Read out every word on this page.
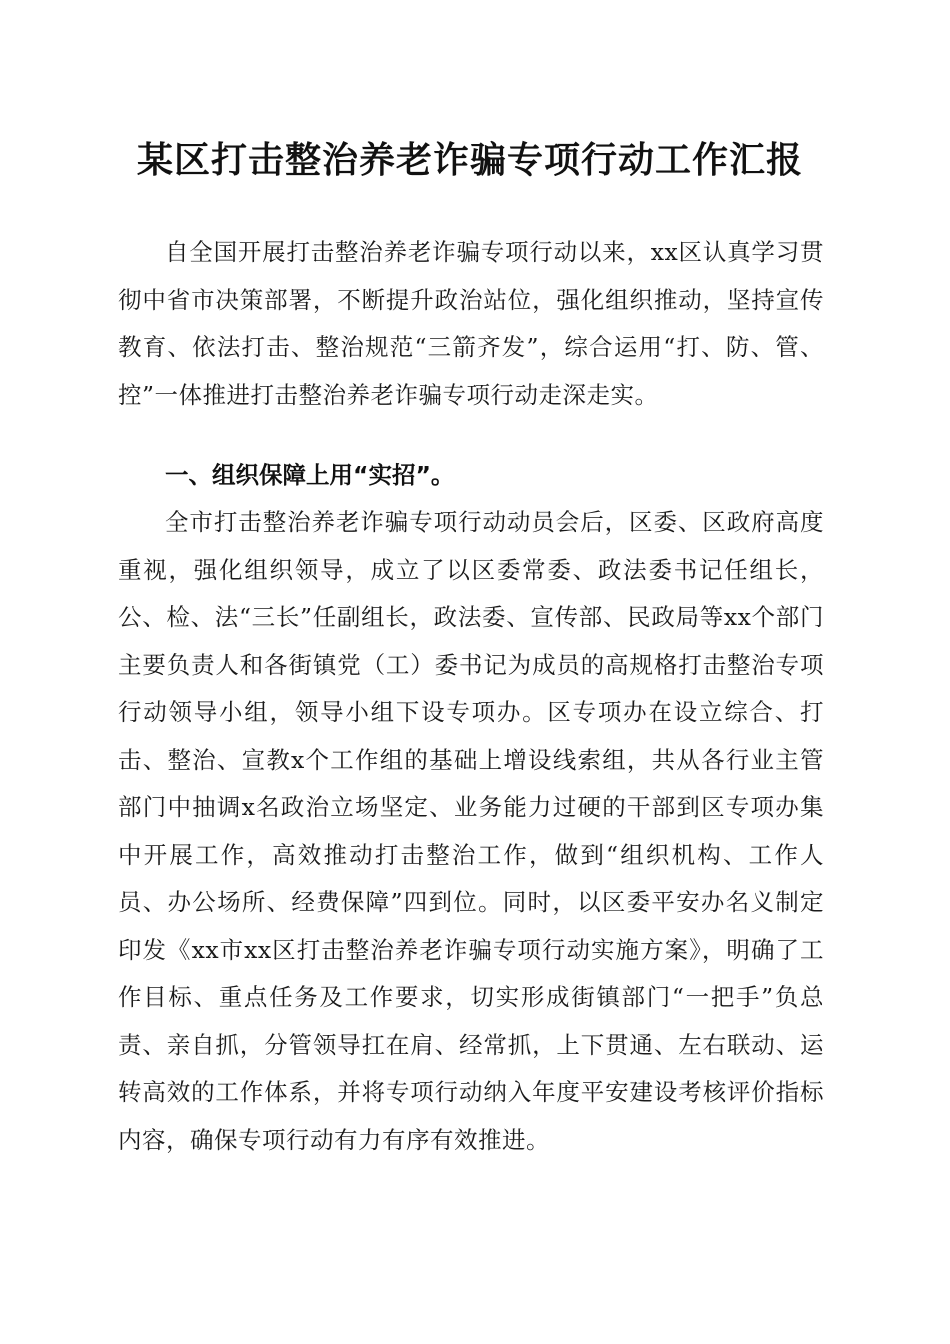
某区打击整治养老诈骗专项行动工作汇报

自全国开展打击整治养老诈骗专项行动以来，xx区认真学习贯彻中省市决策部署，不断提升政治站位，强化组织推动，坚持宣传教育、依法打击、整治规范“三箭齐发”，综合运用“打、防、管、控”一体推进打击整治养老诈骗专项行动走深走实。

一、组织保障上用“实招”。

全市打击整治养老诈骗专项行动动员会后，区委、区政府高度重视，强化组织领导，成立了以区委常委、政法委书记任组长，公、检、法“三长”任副组长，政法委、宣传部、民政局等xx个部门主要负责人和各街镇党（工）委书记为成员的高规格打击整治专项行动领导小组，领导小组下设专项办。区专项办在设立综合、打击、整治、宣教x个工作组的基础上增设线索组，共从各行业主管部门中抽调x名政治立场坚定、业务能力过硬的干部到区专项办集中开展工作，高效推动打击整治工作，做到“组织机构、工作人员、办公场所、经费保障”四到位。同时，以区委平安办名义制定印发《xx市xx区打击整治养老诈骗专项行动实施方案》，明确了工作目标、重点任务及工作要求，切实形成街镇部门“一把手”负总责、亲自抓，分管领导扛在肩、经常抓，上下贯通、左右联动、运转高效的工作体系，并将专项行动纳入年度平安建设考核评价指标内容，确保专项行动有力有序有效推进。
